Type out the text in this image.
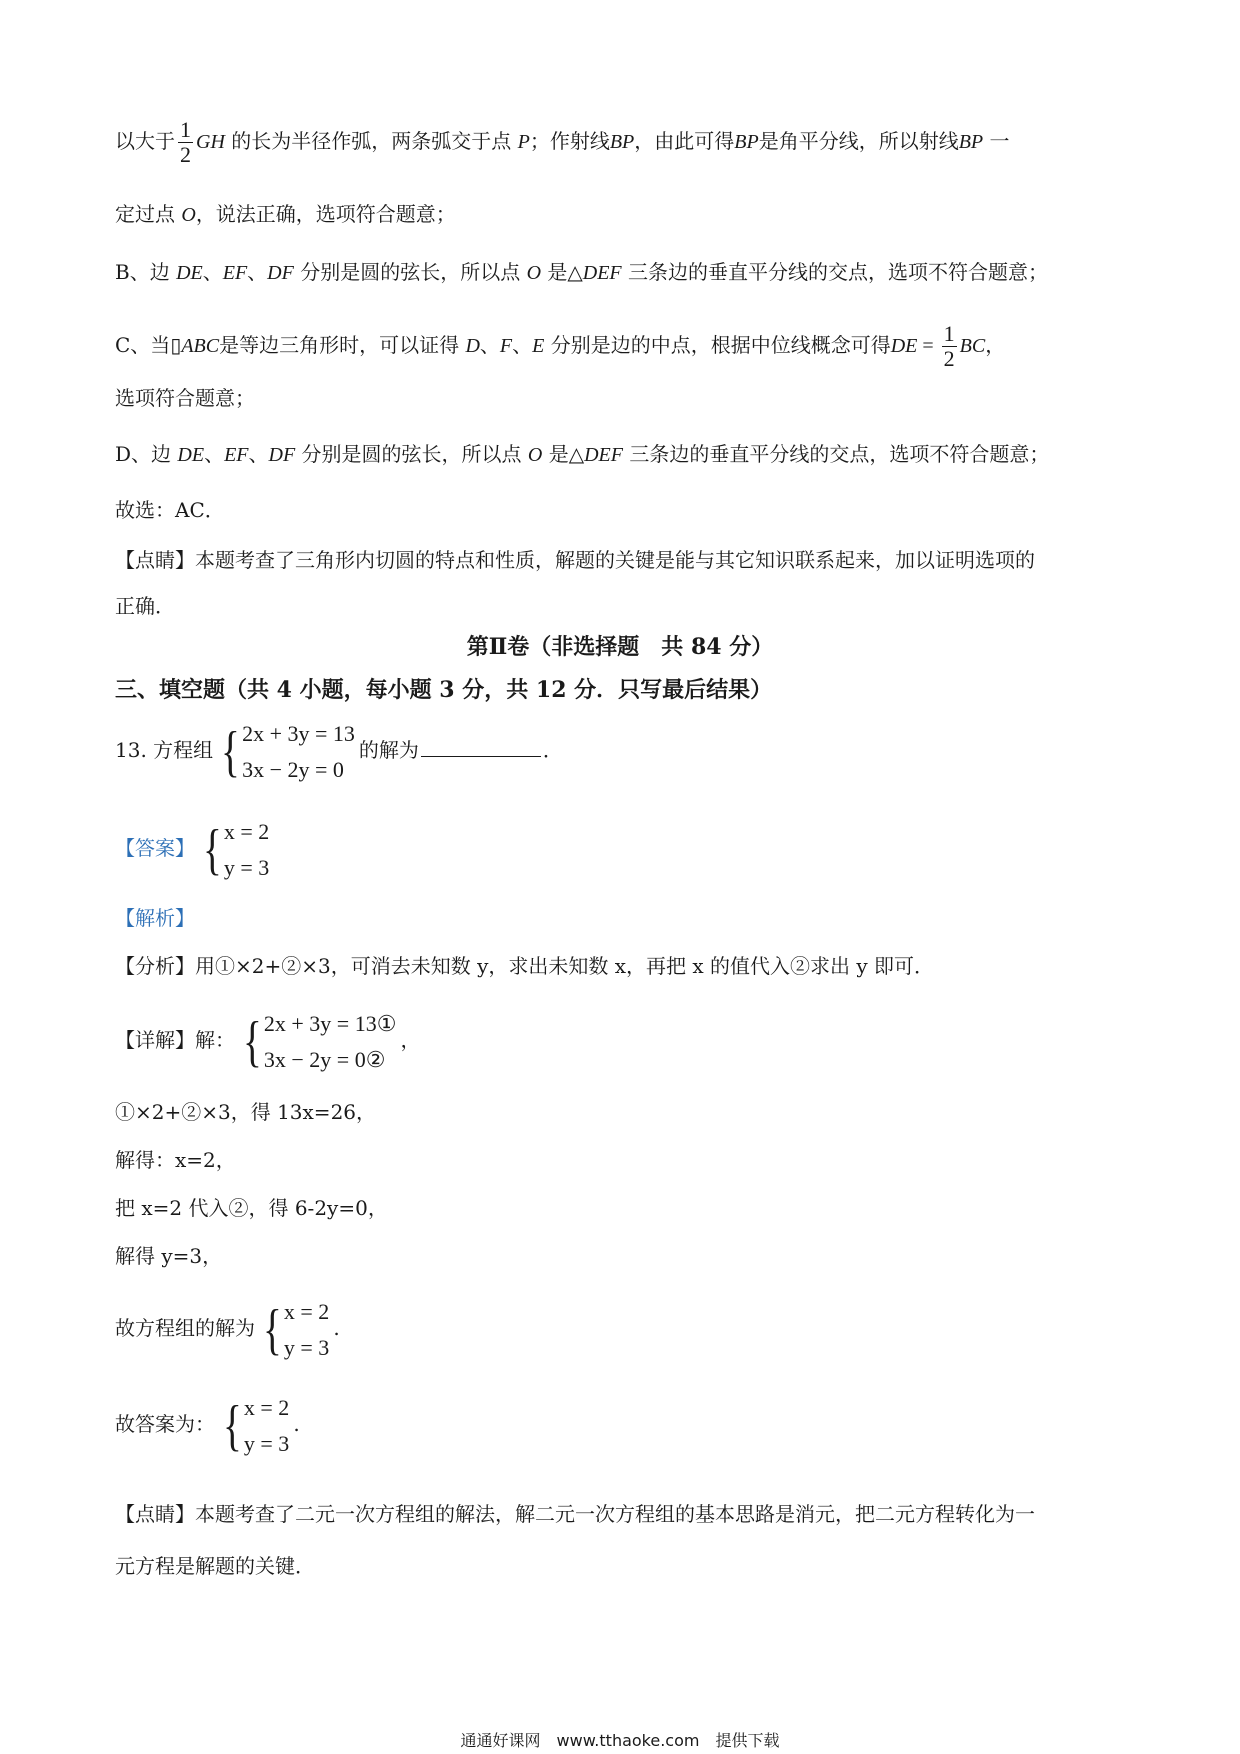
以大于 $\frac{1}{2}$ GH 的长为半径作弧，两条弧交于点 P；作射线BP，由此可得BP是角平分线，所以射线BP 一
定过点 O，说法正确，选项符合题意；
B、边 DE、EF、DF 分别是圆的弦长，所以点 O 是△DEF 三条边的垂直平分线的交点，选项不符合题意；
C、当▯ABC是等边三角形时，可以证得 D、F、E 分别是边的中点，根据中位线概念可得DE = $\frac{1}{2}$ BC，
选项符合题意；
D、边 DE、EF、DF 分别是圆的弦长，所以点 O 是△DEF 三条边的垂直平分线的交点，选项不符合题意；
故选：AC．
【点睛】本题考查了三角形内切圆的特点和性质，解题的关键是能与其它知识联系起来，加以证明选项的
正确．
第Ⅱ卷（非选择题　共 84 分）
三、填空题（共 4 小题，每小题 3 分，共 12 分．只写最后结果）
13. 方程组 { 2x + 3y = 13
3x − 2y = 0
的解为	．
【答案】 { x = 2
y = 3
【解析】
【分析】用①×2+②×3，可消去未知数 y，求出未知数 x，再把 x 的值代入②求出 y 即可．
【详解】解： { 2x + 3y = 13①
3x − 2y = 0②
，
①×2+②×3，得 13x=26，
解得：x=2，
把 x=2 代入②，得 6-2y=0，
解得 y=3，
故方程组的解为 { x = 2
y = 3
.
故答案为： { x = 2
y = 3
.
【点睛】本题考查了二元一次方程组的解法，解二元一次方程组的基本思路是消元，把二元方程转化为一
元方程是解题的关键．
通通好课网　www.tthaoke.com　提供下载
